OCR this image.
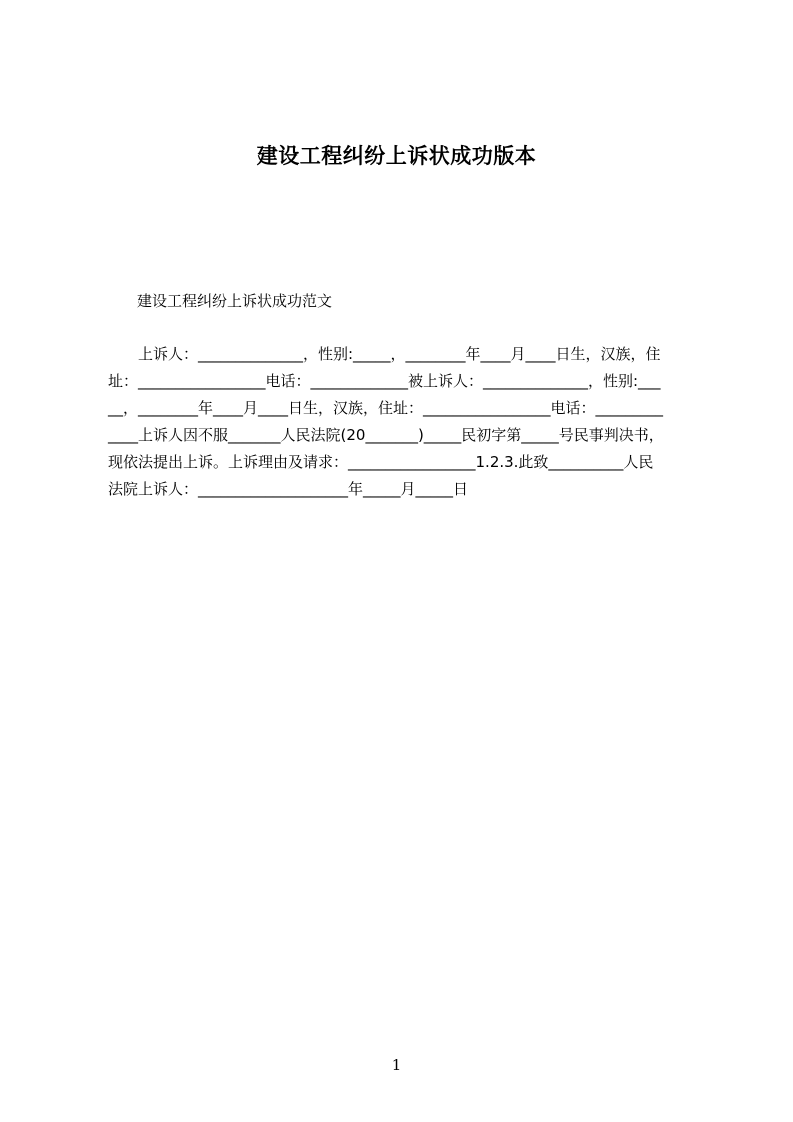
建设工程纠纷上诉状成功版本
建设工程纠纷上诉状成功范文
上诉人：______________，性别:_____，________年____月____日生，汉族，住
址：_________________电话：_____________被上诉人：______________，性别:___
__，________年____月____日生，汉族，住址：_________________电话：_________
____上诉人因不服_______人民法院(20_______)_____民初字第_____号民事判决书，
现依法提出上诉。上诉理由及请求：_________________1.2.3.此致__________人民
法院上诉人：____________________年_____月_____日
1
